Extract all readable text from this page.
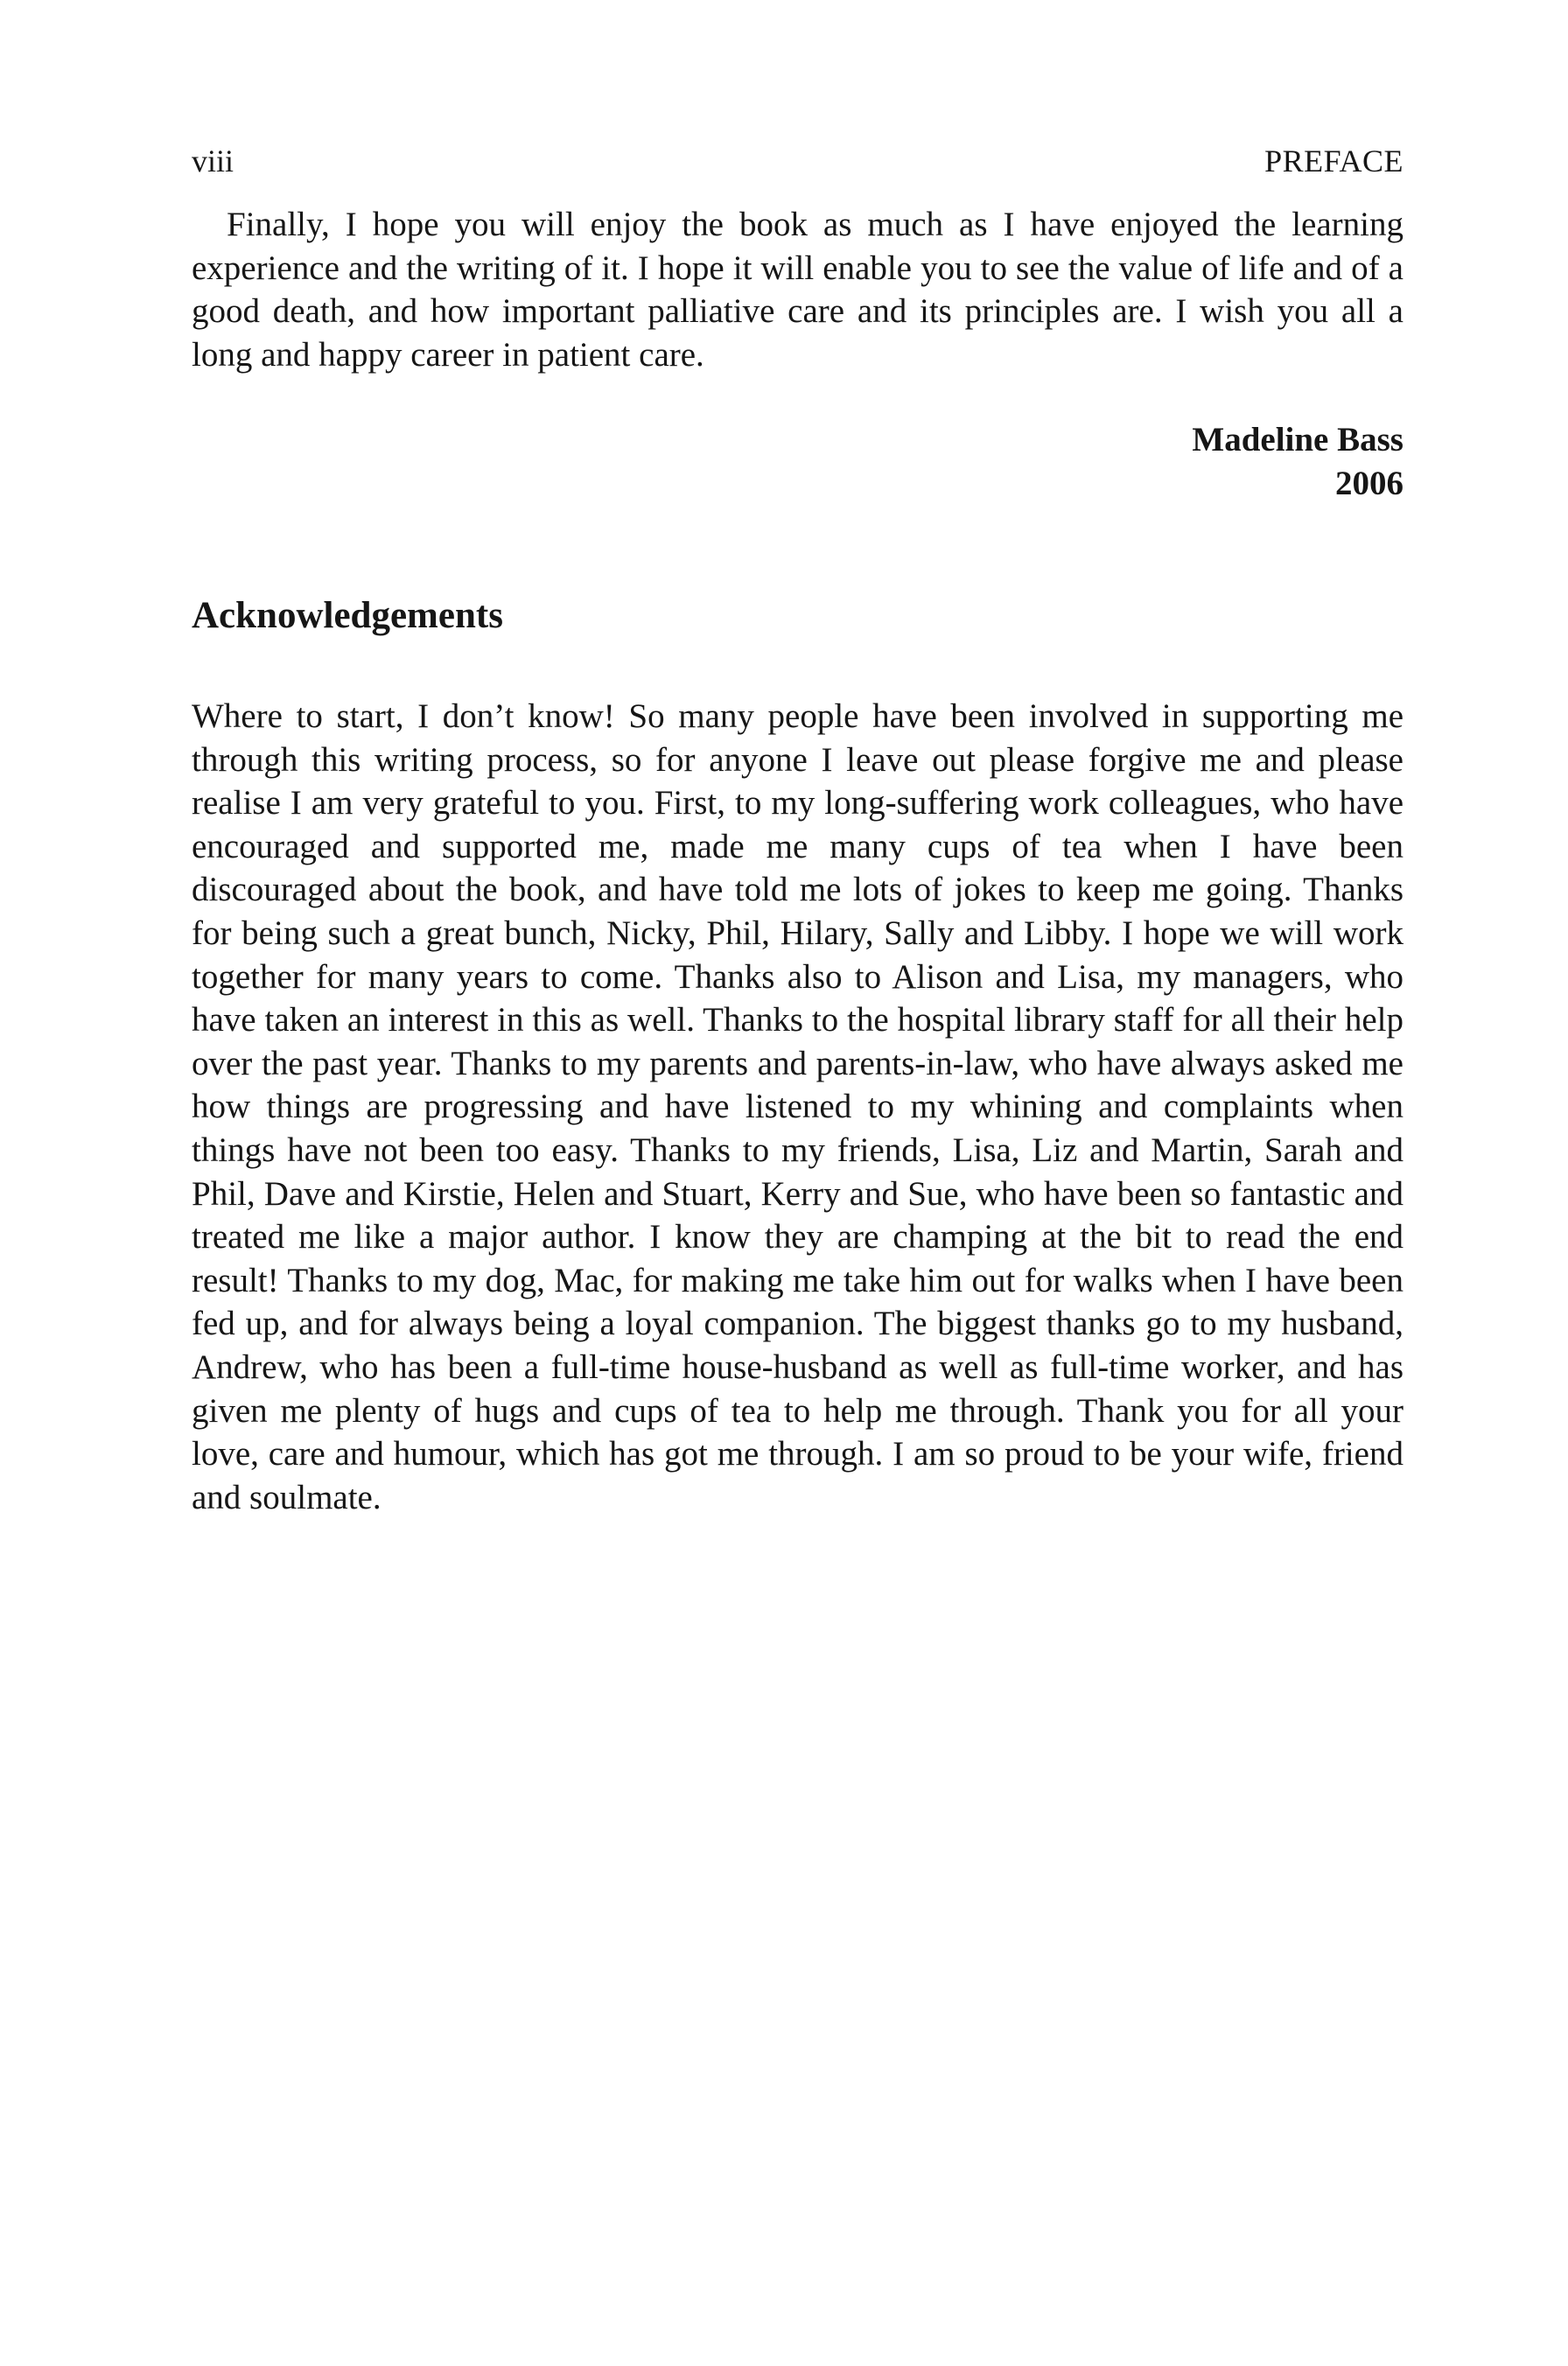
viii	PREFACE

Finally, I hope you will enjoy the book as much as I have enjoyed the learning experience and the writing of it. I hope it will enable you to see the value of life and of a good death, and how important palliative care and its principles are. I wish you all a long and happy career in patient care.

Madeline Bass
2006
Acknowledgements

Where to start, I don’t know! So many people have been involved in supporting me through this writing process, so for anyone I leave out please forgive me and please realise I am very grateful to you. First, to my long-suffering work colleagues, who have encouraged and supported me, made me many cups of tea when I have been discouraged about the book, and have told me lots of jokes to keep me going. Thanks for being such a great bunch, Nicky, Phil, Hilary, Sally and Libby. I hope we will work together for many years to come. Thanks also to Alison and Lisa, my managers, who have taken an interest in this as well. Thanks to the hospital library staff for all their help over the past year. Thanks to my parents and parents-in-law, who have always asked me how things are progressing and have listened to my whining and complaints when things have not been too easy. Thanks to my friends, Lisa, Liz and Martin, Sarah and Phil, Dave and Kirstie, Helen and Stuart, Kerry and Sue, who have been so fantastic and treated me like a major author. I know they are champing at the bit to read the end result! Thanks to my dog, Mac, for making me take him out for walks when I have been fed up, and for always being a loyal companion. The biggest thanks go to my husband, Andrew, who has been a full-time house-husband as well as full-time worker, and has given me plenty of hugs and cups of tea to help me through. Thank you for all your love, care and humour, which has got me through. I am so proud to be your wife, friend and soulmate.
